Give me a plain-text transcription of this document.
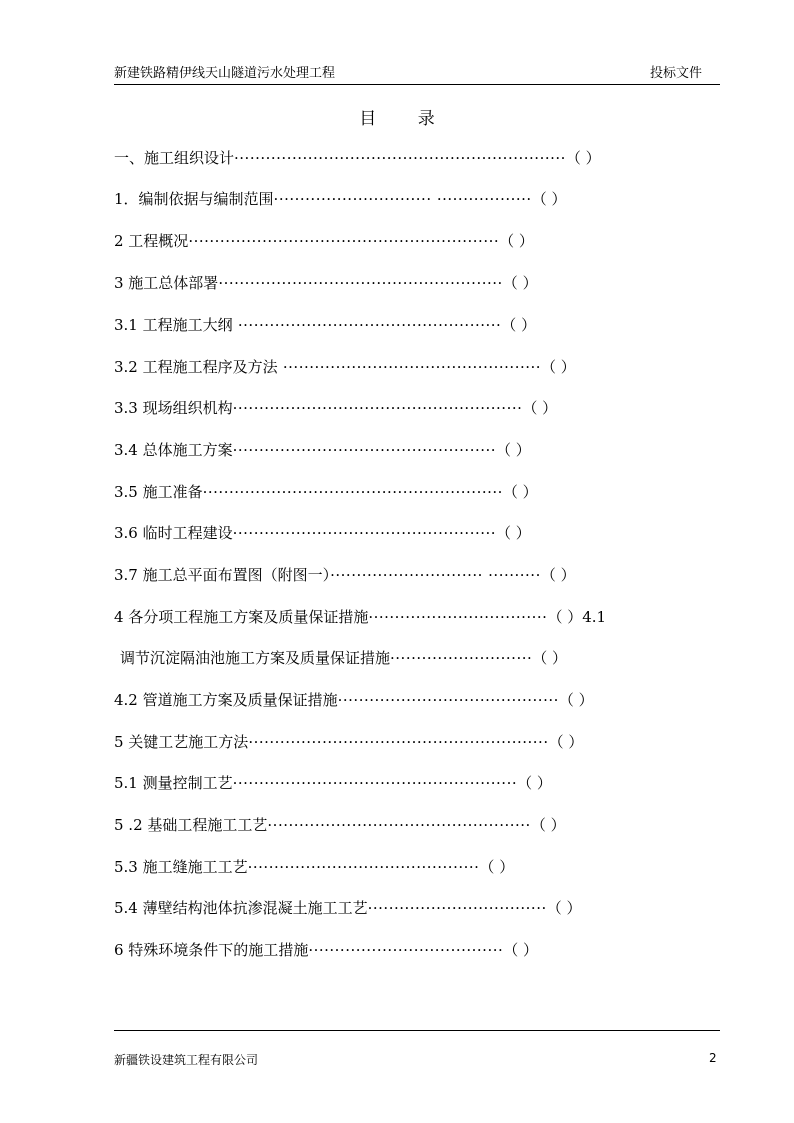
新建铁路精伊线天山隧道污水处理工程	投标文件
目 录
一、施工组织设计·······························································（ ）
1．编制依据与编制范围······························ ··················（ ）
2 工程概况···························································（ ）
3 施工总体部署······················································（ ）
3.1 工程施工大纲 ··················································（ ）
3.2 工程施工程序及方法 ·················································（ ）
3.3 现场组织机构·······················································（ ）
3.4 总体施工方案··················································（ ）
3.5 施工准备·························································（ ）
3.6 临时工程建设··················································（ ）
3.7 施工总平面布置图（附图一）····························· ··········（ ）
4 各分项工程施工方案及质量保证措施··································（ ）4.1
调节沉淀隔油池施工方案及质量保证措施···························（ ）
4.2 管道施工方案及质量保证措施··········································（ ）
5 关键工艺施工方法·························································（ ）
5.1 测量控制工艺······················································（ ）
5 .2 基础工程施工工艺··················································（ ）
5.3 施工缝施工工艺············································（ ）
5.4 薄壁结构池体抗渗混凝土施工工艺··································（ ）
6 特殊环境条件下的施工措施·····································（ ）
新疆铁设建筑工程有限公司	2
